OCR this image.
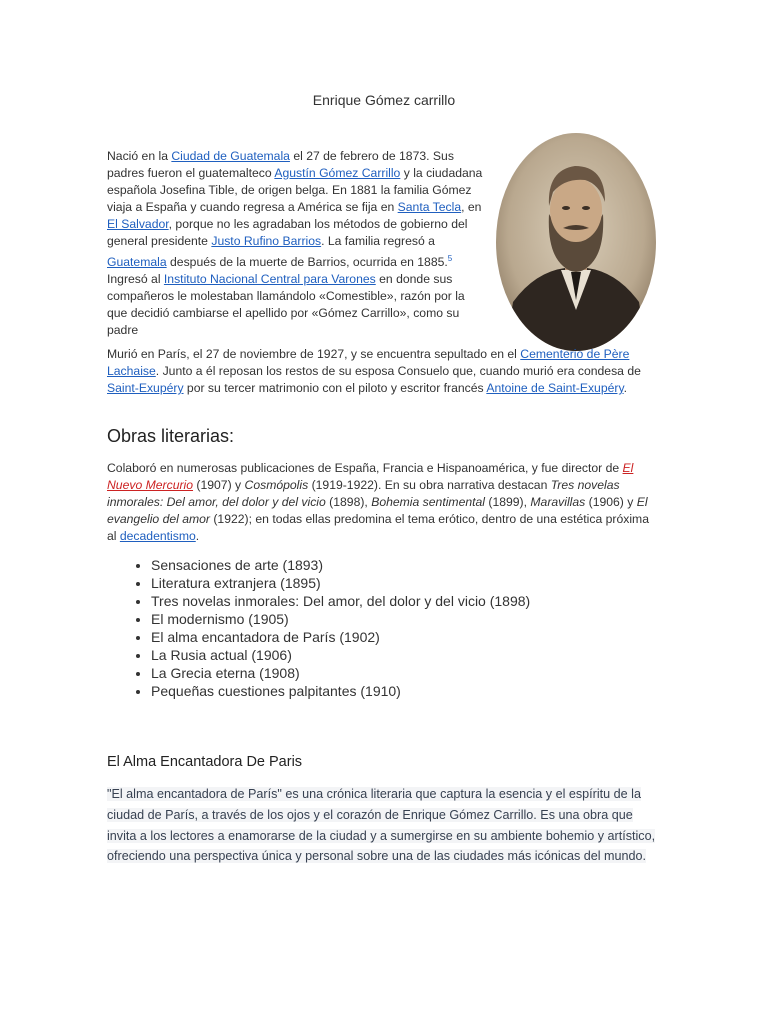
Enrique Gómez carrillo
Nació en la Ciudad de Guatemala el 27 de febrero de 1873. Sus padres fueron el guatemalteco Agustín Gómez Carrillo y la ciudadana española Josefina Tible, de origen belga. En 1881 la familia Gómez viaja a España y cuando regresa a América se fija en Santa Tecla, en El Salvador, porque no les agradaban los métodos de gobierno del general presidente Justo Rufino Barrios. La familia regresó a Guatemala después de la muerte de Barrios, ocurrida en 1885.$^5$ Ingresó al Instituto Nacional Central para Varones en donde sus compañeros le molestaban llamándolo «Comestible», razón por la que decidió cambiarse el apellido por «Gómez Carrillo», como su padre
Murió en París, el 27 de noviembre de 1927, y se encuentra sepultado en el Cementerio de Père Lachaise. Junto a él reposan los restos de su esposa Consuelo que, cuando murió era condesa de Saint-Exupéry por su tercer matrimonio con el piloto y escritor francés Antoine de Saint-Exupéry.
Obras literarias:
Colaboró en numerosas publicaciones de España, Francia e Hispanoamérica, y fue director de El Nuevo Mercurio (1907) y Cosmópolis (1919-1922). En su obra narrativa destacan Tres novelas inmorales: Del amor, del dolor y del vicio (1898), Bohemia sentimental (1899), Maravillas (1906) y El evangelio del amor (1922); en todas ellas predomina el tema erótico, dentro de una estética próxima al decadentismo.
• Sensaciones de arte (1893)
• Literatura extranjera (1895)
• Tres novelas inmorales: Del amor, del dolor y del vicio (1898)
• El modernismo (1905)
• El alma encantadora de París (1902)
• La Rusia actual (1906)
• La Grecia eterna (1908)
• Pequeñas cuestiones palpitantes (1910)
El Alma Encantadora De Paris
"El alma encantadora de París" es una crónica literaria que captura la esencia y el espíritu de la ciudad de París, a través de los ojos y el corazón de Enrique Gómez Carrillo. Es una obra que invita a los lectores a enamorarse de la ciudad y a sumergirse en su ambiente bohemio y artístico, ofreciendo una perspectiva única y personal sobre una de las ciudades más icónicas del mundo.
